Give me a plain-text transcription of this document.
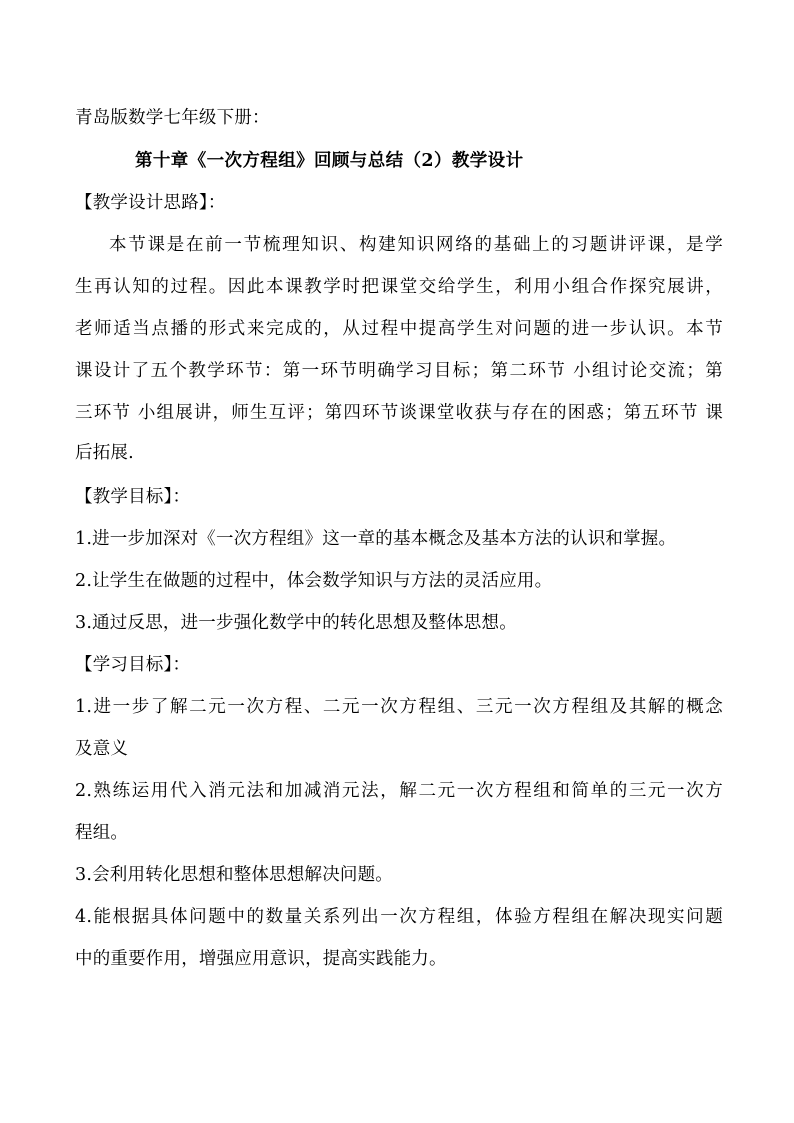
青岛版数学七年级下册：
第十章《一次方程组》回顾与总结（2）教学设计
【教学设计思路】：
本节课是在前一节梳理知识、构建知识网络的基础上的习题讲评课，是学
生再认知的过程。因此本课教学时把课堂交给学生，利用小组合作探究展讲，
老师适当点播的形式来完成的，从过程中提高学生对问题的进一步认识。本节
课设计了五个教学环节：第一环节明确学习目标；第二环节 小组讨论交流；第
三环节 小组展讲，师生互评；第四环节谈课堂收获与存在的困惑；第五环节 课
后拓展.
【教学目标】：
1.进一步加深对《一次方程组》这一章的基本概念及基本方法的认识和掌握。
2.让学生在做题的过程中，体会数学知识与方法的灵活应用。
3.通过反思，进一步强化数学中的转化思想及整体思想。
【学习目标】：
1.进一步了解二元一次方程、二元一次方程组、三元一次方程组及其解的概念
及意义
2.熟练运用代入消元法和加减消元法，解二元一次方程组和简单的三元一次方
程组。
3.会利用转化思想和整体思想解决问题。
4.能根据具体问题中的数量关系列出一次方程组，体验方程组在解决现实问题
中的重要作用，增强应用意识，提高实践能力。
